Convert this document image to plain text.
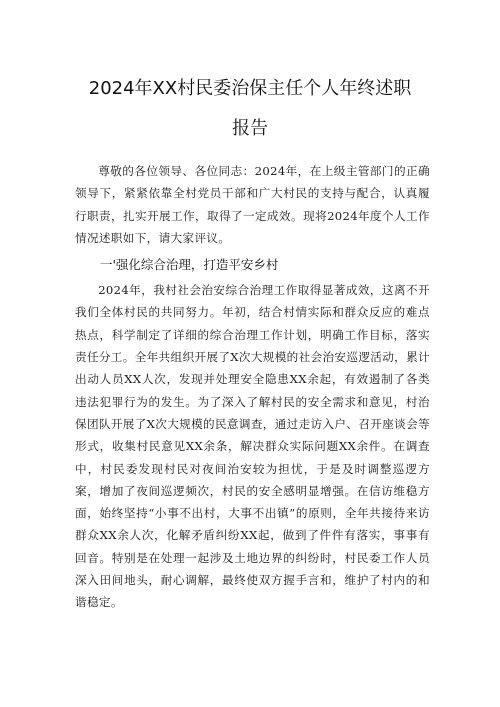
2024年XX村民委治保主任个人年终述职
报告

尊敬的各位领导、各位同志：2024年，在上级主管部门的正确领导下，紧紧依靠全村党员干部和广大村民的支持与配合，认真履行职责，扎实开展工作，取得了一定成效。现将2024年度个人工作情况述职如下，请大家评议。

一'强化综合治理，打造平安乡村

2024年，我村社会治安综合治理工作取得显著成效，这离不开我们全体村民的共同努力。年初，结合村情实际和群众反应的难点热点，科学制定了详细的综合治理工作计划，明确工作目标，落实责任分工。全年共组织开展了X次大规模的社会治安巡逻活动，累计出动人员XX人次，发现并处理安全隐患XX余起，有效遏制了各类违法犯罪行为的发生。为了深入了解村民的安全需求和意见，村治保团队开展了X次大规模的民意调查，通过走访入户、召开座谈会等形式，收集村民意见XX余条，解决群众实际问题XX余件。在调查中，村民委发现村民对夜间治安较为担忧，于是及时调整巡逻方案，增加了夜间巡逻频次，村民的安全感明显增强。在信访维稳方面，始终坚持“小事不出村，大事不出镇”的原则，全年共接待来访群众XX余人次，化解矛盾纠纷XX起，做到了件件有落实，事事有回音。特别是在处理一起涉及土地边界的纠纷时，村民委工作人员深入田间地头，耐心调解，最终使双方握手言和，维护了村内的和谐稳定。
